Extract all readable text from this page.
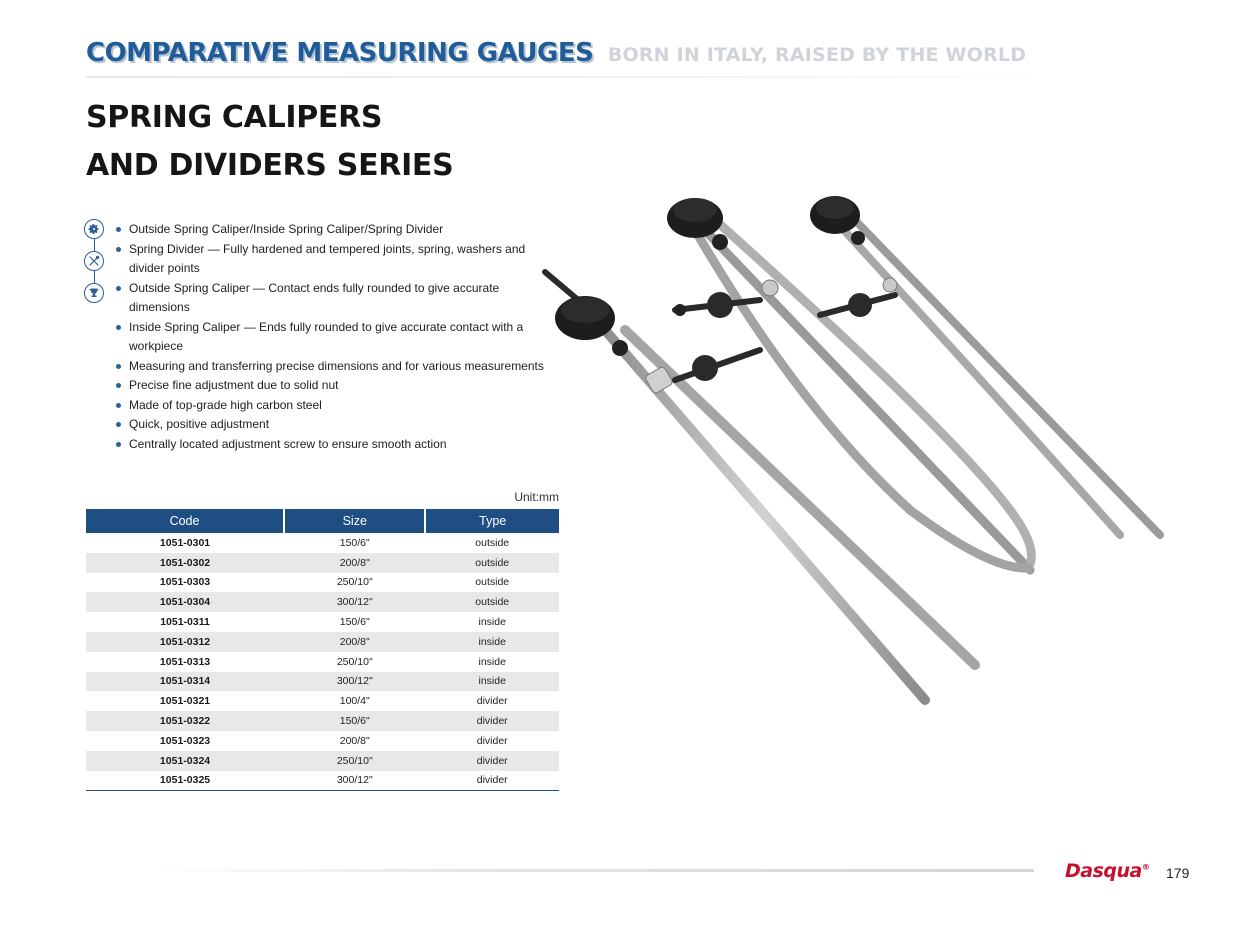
COMPARATIVE MEASURING GAUGES BORN IN ITALY, RAISED BY THE WORLD
SPRING CALIPERS
AND DIVIDERS SERIES
Outside Spring Caliper/Inside Spring Caliper/Spring Divider
Spring Divider — Fully hardened and tempered joints, spring, washers and divider points
Outside Spring Caliper — Contact ends fully rounded to give accurate dimensions
Inside Spring Caliper — Ends fully rounded to give accurate contact with a workpiece
Measuring and transferring precise dimensions and for various measurements
Precise fine adjustment due to solid nut
Made of top-grade high carbon steel
Quick, positive adjustment
Centrally located adjustment screw to ensure smooth action
Unit:mm
Code	Size	Type
1051-0301	150/6"	outside
1051-0302	200/8"	outside
1051-0303	250/10"	outside
1051-0304	300/12"	outside
1051-0311	150/6"	inside
1051-0312	200/8"	inside
1051-0313	250/10"	inside
1051-0314	300/12"	inside
1051-0321	100/4"	divider
1051-0322	150/6"	divider
1051-0323	200/8"	divider
1051-0324	250/10"	divider
1051-0325	300/12"	divider
Dasqua® 179
